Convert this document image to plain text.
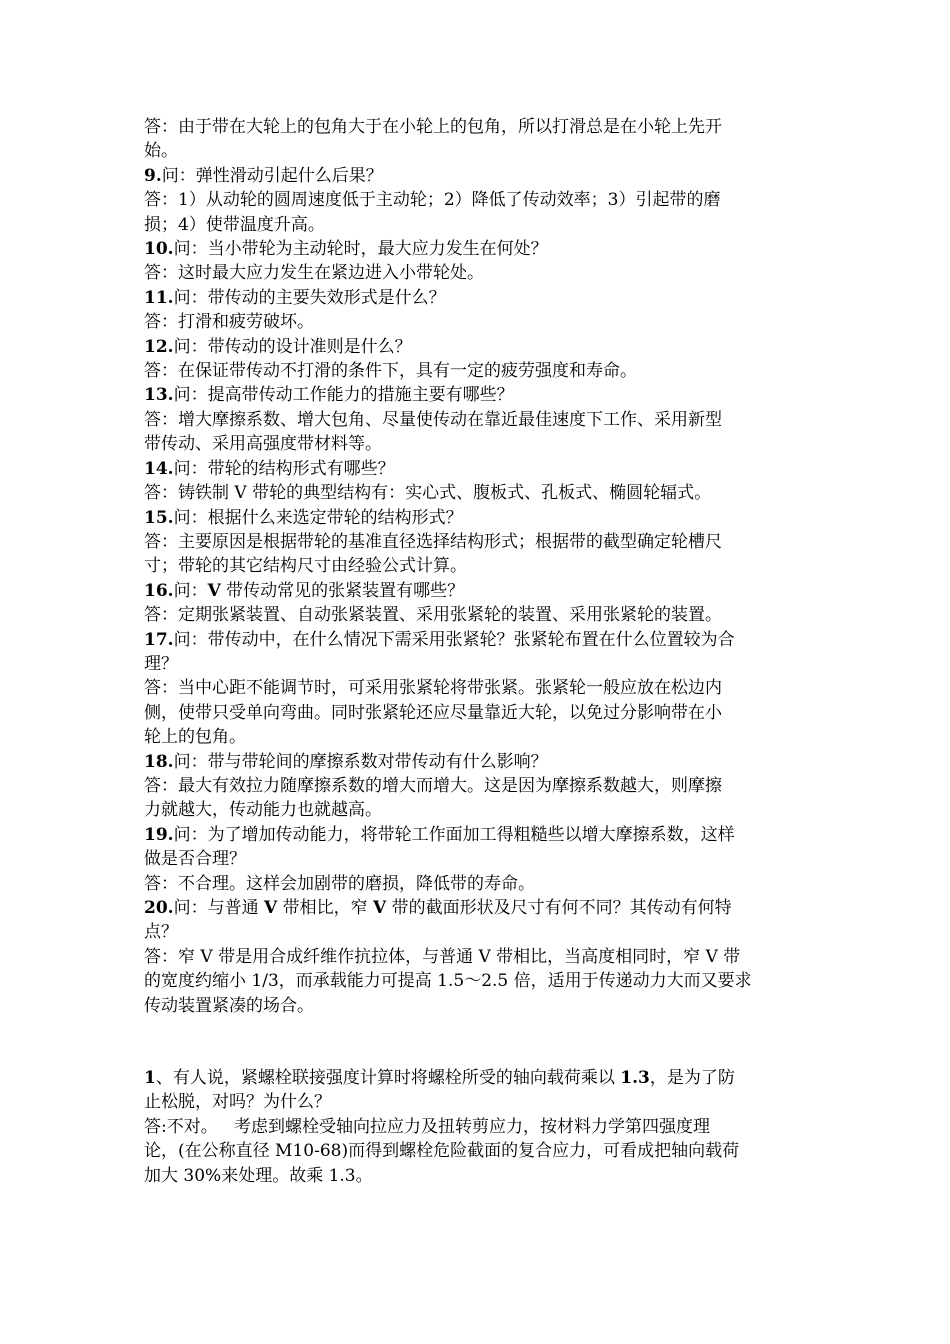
答：由于带在大轮上的包角大于在小轮上的包角，所以打滑总是在小轮上先开

始。

9.问：弹性滑动引起什么后果？

答：1）从动轮的圆周速度低于主动轮；2）降低了传动效率；3）引起带的磨

损；4）使带温度升高。

10.问：当小带轮为主动轮时，最大应力发生在何处？

答：这时最大应力发生在紧边进入小带轮处。

11.问：带传动的主要失效形式是什么？

答：打滑和疲劳破坏。

12.问：带传动的设计准则是什么？

答：在保证带传动不打滑的条件下，具有一定的疲劳强度和寿命。

13.问：提高带传动工作能力的措施主要有哪些？

答：增大摩擦系数、增大包角、尽量使传动在靠近最佳速度下工作、采用新型

带传动、采用高强度带材料等。

14.问：带轮的结构形式有哪些？

答：铸铁制 V 带轮的典型结构有：实心式、腹板式、孔板式、椭圆轮辐式。

15.问：根据什么来选定带轮的结构形式？

答：主要原因是根据带轮的基准直径选择结构形式；根据带的截型确定轮槽尺

寸；带轮的其它结构尺寸由经验公式计算。

16.问：V 带传动常见的张紧装置有哪些？

答：定期张紧装置、自动张紧装置、采用张紧轮的装置、采用张紧轮的装置。

17.问：带传动中，在什么情况下需采用张紧轮？张紧轮布置在什么位置较为合

理？

答：当中心距不能调节时，可采用张紧轮将带张紧。张紧轮一般应放在松边内

侧，使带只受单向弯曲。同时张紧轮还应尽量靠近大轮，以免过分影响带在小

轮上的包角。

18.问：带与带轮间的摩擦系数对带传动有什么影响？

答：最大有效拉力随摩擦系数的增大而增大。这是因为摩擦系数越大，则摩擦

力就越大，传动能力也就越高。

19.问：为了增加传动能力，将带轮工作面加工得粗糙些以增大摩擦系数，这样

做是否合理？

答：不合理。这样会加剧带的磨损，降低带的寿命。

20.问：与普通 V 带相比，窄 V 带的截面形状及尺寸有何不同？其传动有何特

点？

答：窄 V 带是用合成纤维作抗拉体，与普通 V 带相比，当高度相同时，窄 V 带

的宽度约缩小 1/3，而承载能力可提高 1.5～2.5 倍，适用于传递动力大而又要求

传动装置紧凑的场合。

1、有人说，紧螺栓联接强度计算时将螺栓所受的轴向载荷乘以 1.3，是为了防

止松脱，对吗？为什么？

答:不对。   考虑到螺栓受轴向拉应力及扭转剪应力，按材料力学第四强度理

论，(在公称直径 M10-68)而得到螺栓危险截面的复合应力，可看成把轴向载荷

加大 30%来处理。故乘 1.3。
